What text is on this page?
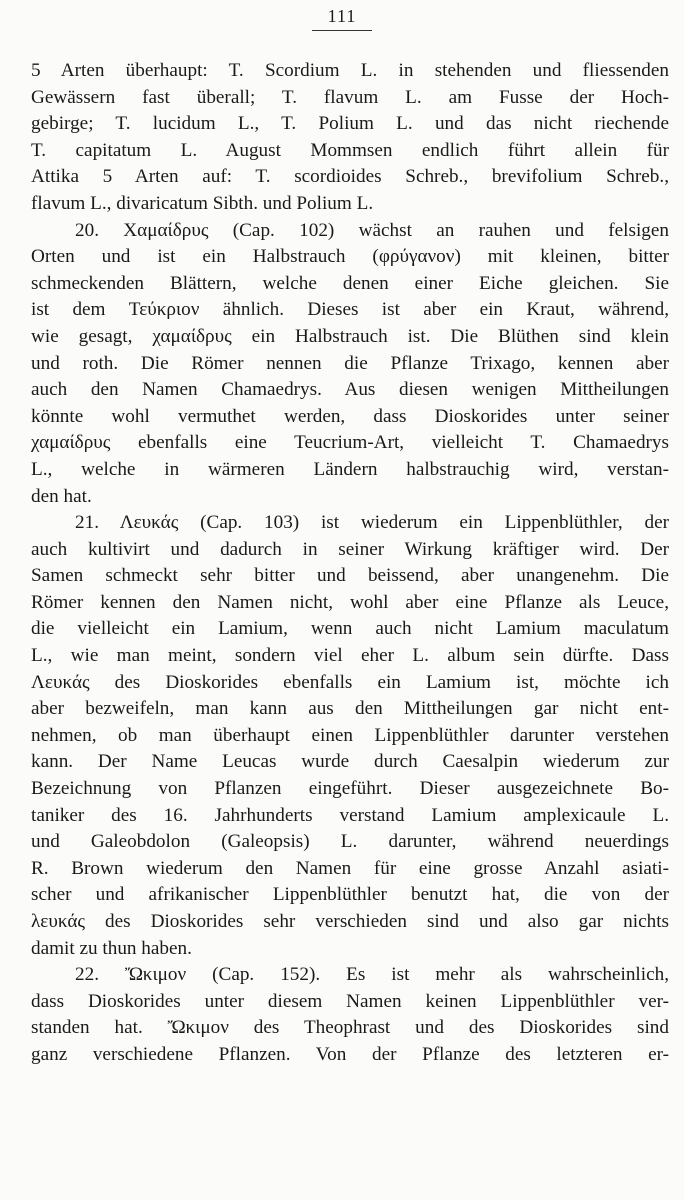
111
5 Arten überhaupt: T. Scordium L. in stehenden und fliessenden
Gewässern fast überall; T. flavum L. am Fusse der Hoch-
gebirge; T. lucidum L., T. Polium L. und das nicht riechende
T. capitatum L. August Mommsen endlich führt allein für
Attika 5 Arten auf: T. scordioides Schreb., brevifolium Schreb.,
flavum L., divaricatum Sibth. und Polium L.
20. Χαμαίδρυς (Cap. 102) wächst an rauhen und felsigen
Orten und ist ein Halbstrauch (φρύγανον) mit kleinen, bitter
schmeckenden Blättern, welche denen einer Eiche gleichen. Sie
ist dem Τεύκριον ähnlich. Dieses ist aber ein Kraut, während,
wie gesagt, χαμαίδρυς ein Halbstrauch ist. Die Blüthen sind klein
und roth. Die Römer nennen die Pflanze Trixago, kennen aber
auch den Namen Chamaedrys. Aus diesen wenigen Mittheilungen
könnte wohl vermuthet werden, dass Dioskorides unter seiner
χαμαίδρυς ebenfalls eine Teucrium-Art, vielleicht T. Chamaedrys
L., welche in wärmeren Ländern halbstrauchig wird, verstan-
den hat.
21. Λευκάς (Cap. 103) ist wiederum ein Lippenblüthler, der
auch kultivirt und dadurch in seiner Wirkung kräftiger wird. Der
Samen schmeckt sehr bitter und beissend, aber unangenehm. Die
Römer kennen den Namen nicht, wohl aber eine Pflanze als Leuce,
die vielleicht ein Lamium, wenn auch nicht Lamium maculatum
L., wie man meint, sondern viel eher L. album sein dürfte. Dass
Λευκάς des Dioskorides ebenfalls ein Lamium ist, möchte ich
aber bezweifeln, man kann aus den Mittheilungen gar nicht ent-
nehmen, ob man überhaupt einen Lippenblüthler darunter verstehen
kann. Der Name Leucas wurde durch Caesalpin wiederum zur
Bezeichnung von Pflanzen eingeführt. Dieser ausgezeichnete Bo-
taniker des 16. Jahrhunderts verstand Lamium amplexicaule L.
und Galeobdolon (Galeopsis) L. darunter, während neuerdings
R. Brown wiederum den Namen für eine grosse Anzahl asiati-
scher und afrikanischer Lippenblüthler benutzt hat, die von der
λευκάς des Dioskorides sehr verschieden sind und also gar nichts
damit zu thun haben.
22. Ὤκιμον (Cap. 152). Es ist mehr als wahrscheinlich,
dass Dioskorides unter diesem Namen keinen Lippenblüthler ver-
standen hat. Ὤκιμον des Theophrast und des Dioskorides sind
ganz verschiedene Pflanzen. Von der Pflanze des letzteren er-
